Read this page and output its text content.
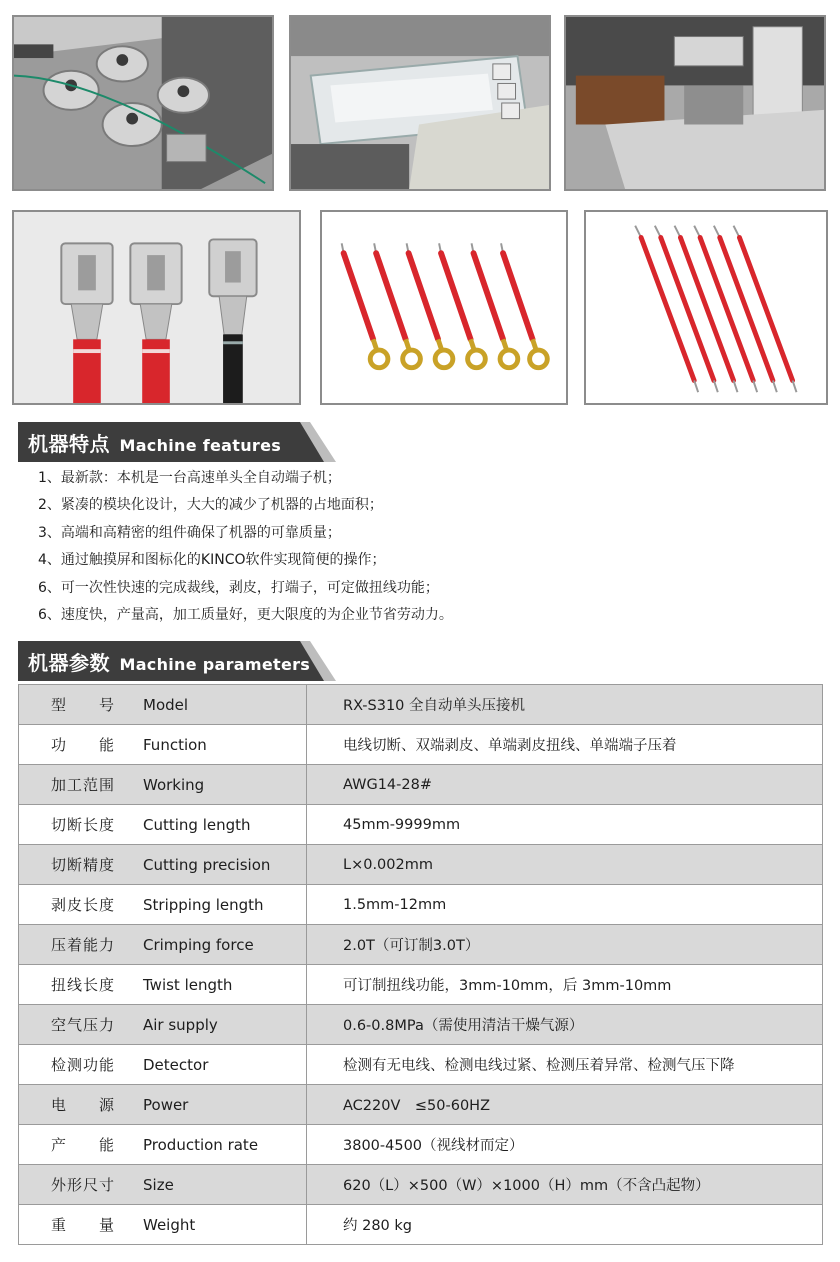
机器特点 Machine features
1、最新款：本机是一台高速单头全自动端子机；
2、紧凑的模块化设计，大大的减少了机器的占地面积；
3、高端和高精密的组件确保了机器的可靠质量；
4、通过触摸屏和图标化的KINCO软件实现简便的操作；
6、可一次性快速的完成裁线，剥皮，打端子，可定做扭线功能；
6、速度快，产量高，加工质量好，更大限度的为企业节省劳动力。
机器参数 Machine parameters
型　　号 Model	RX-S310 全自动单头压接机
功　　能 Function	电线切断、双端剥皮、单端剥皮扭线、单端端子压着
加工范围 Working	AWG14-28#
切断长度 Cutting length	45mm-9999mm
切断精度 Cutting precision	L×0.002mm
剥皮长度 Stripping length	1.5mm-12mm
压着能力 Crimping force	2.0T（可订制3.0T）
扭线长度 Twist length	可订制扭线功能，3mm-10mm，后 3mm-10mm
空气压力 Air supply	0.6-0.8MPa（需使用清洁干燥气源）
检测功能 Detector	检测有无电线、检测电线过紧、检测压着异常、检测气压下降
电　　源 Power	AC220V　≤50-60HZ
产　　能 Production rate	3800-4500（视线材而定）
外形尺寸 Size	620（L）×500（W）×1000（H）mm（不含凸起物）
重　　量 Weight	约 280 kg
